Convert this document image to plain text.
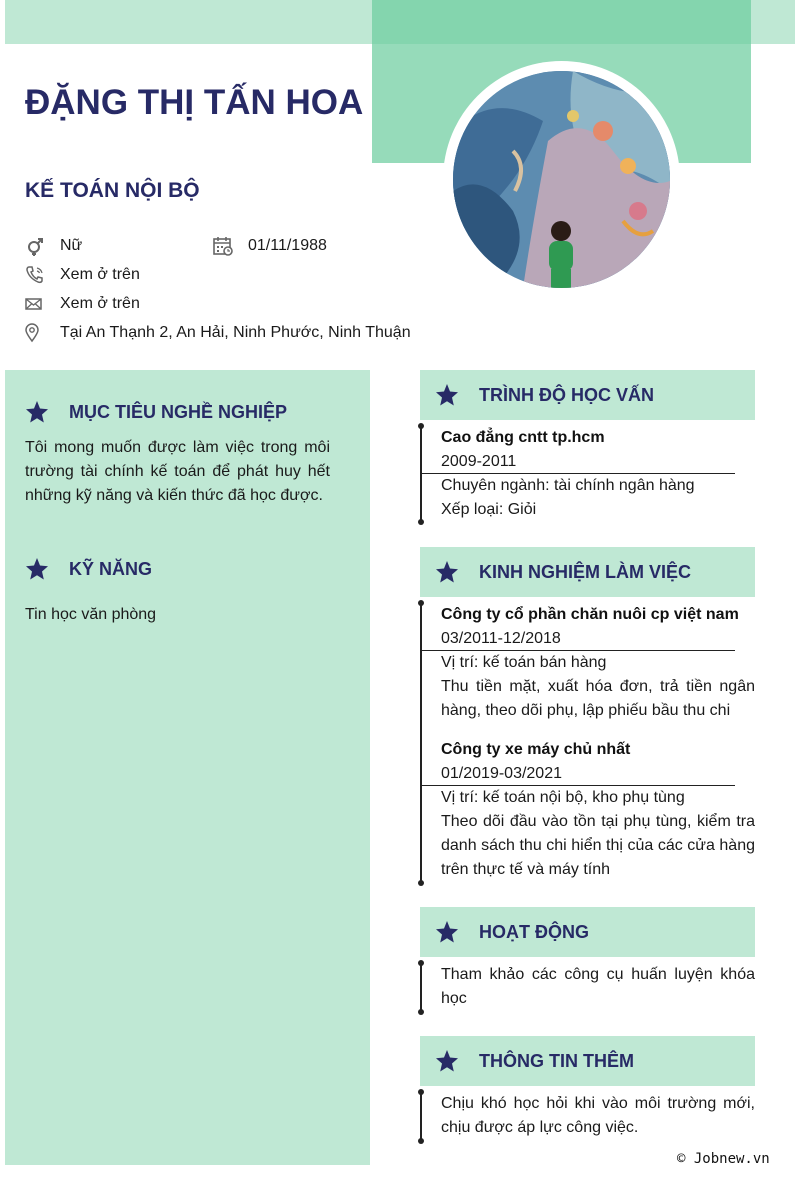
ĐẶNG THỊ TẤN HOA
KẾ TOÁN NỘI BỘ
Nữ	01/11/1988
Xem ở trên
Xem ở trên
Tại An Thạnh 2, An Hải, Ninh Phước, Ninh Thuận
MỤC TIÊU NGHỀ NGHIỆP
Tôi mong muốn được làm việc trong môi trường tài chính kế toán để phát huy hết những kỹ năng và kiến thức đã học được.
KỸ NĂNG
Tin học văn phòng
TRÌNH ĐỘ HỌC VẤN
Cao đẳng cntt tp.hcm
2009-2011
Chuyên ngành: tài chính ngân hàng
Xếp loại: Giỏi
KINH NGHIỆM LÀM VIỆC
Công ty cổ phần chăn nuôi cp việt nam
03/2011-12/2018
Vị trí: kế toán bán hàng
Thu tiền mặt, xuất hóa đơn, trả tiền ngân hàng, theo dõi phụ, lập phiếu bầu thu chi
Công ty xe máy chủ nhất
01/2019-03/2021
Vị trí: kế toán nội bộ, kho phụ tùng
Theo dõi đầu vào tồn tại phụ tùng, kiểm tra danh sách thu chi hiển thị của các cửa hàng trên thực tế và máy tính
HOẠT ĐỘNG
Tham khảo các công cụ huấn luyện khóa học
THÔNG TIN THÊM
Chịu khó học hỏi khi vào môi trường mới, chịu được áp lực công việc.
© Jobnew.vn
